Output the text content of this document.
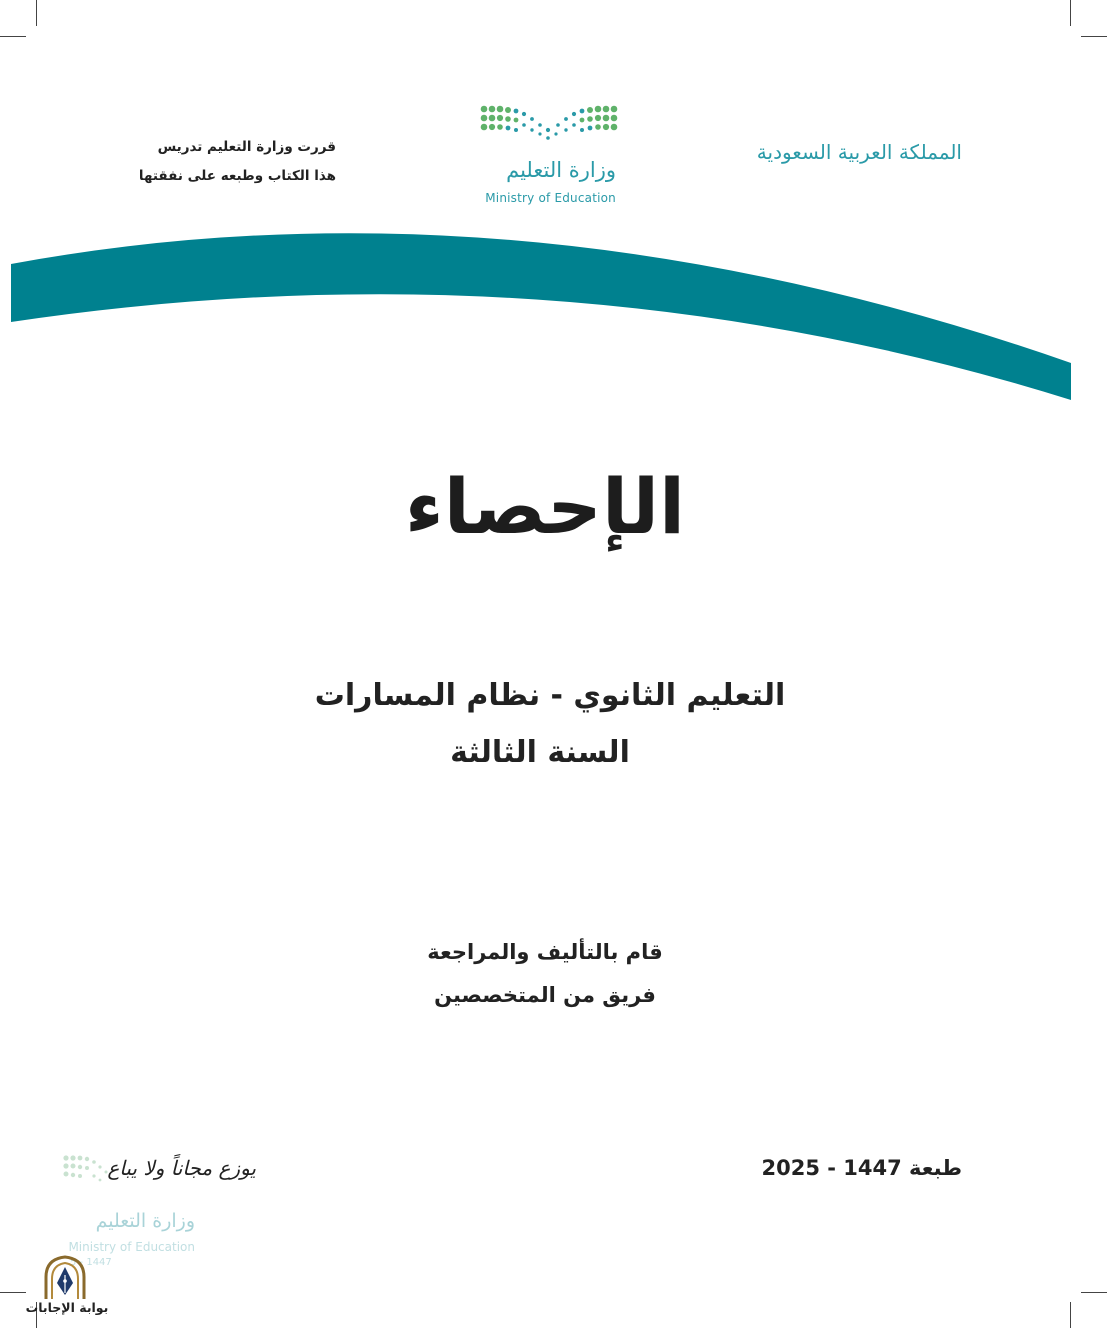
المملكة العربية السعودية
وزارة التعليم
Ministry of Education
قررت وزارة التعليم تدريس
هذا الكتاب وطبعه على نفقتها
الإحصاء
التعليم الثانوي - نظام المسارات
السنة الثالثة
قام بالتأليف والمراجعة
فريق من المتخصصين
طبعة 1447 - 2025
يوزع مجاناً ولا يباع
وزارة التعليم
Ministry of Education
5 - 1447
بوابة الإجابات
